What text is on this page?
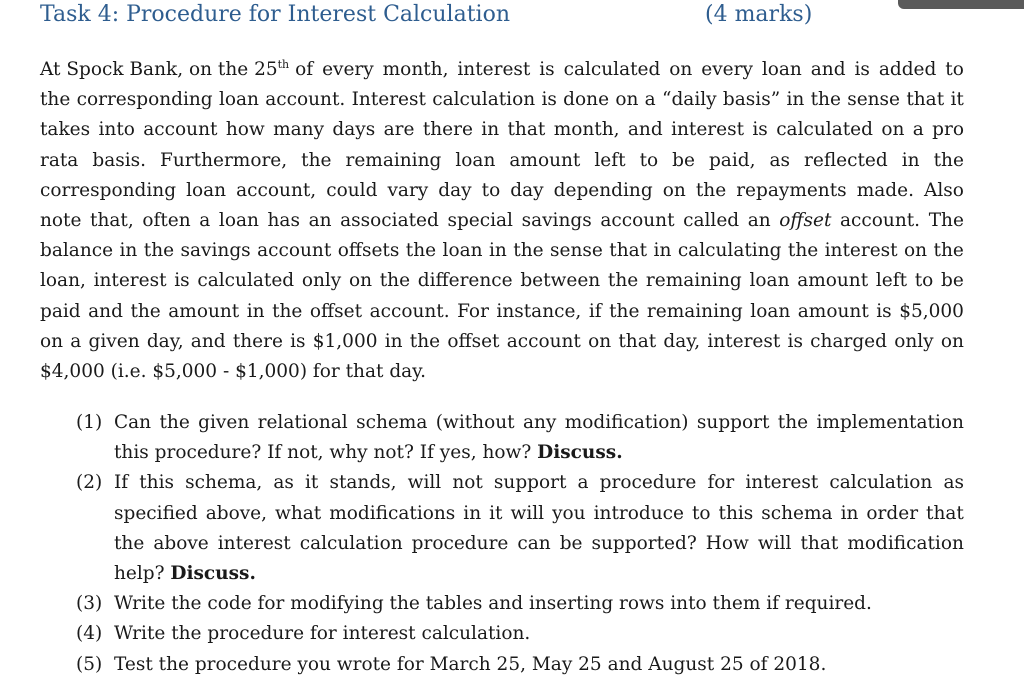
Task 4: Procedure for Interest Calculation	(4 marks)
At Spock Bank, on the 25th of every month, interest is calculated on every loan and is added to
the corresponding loan account. Interest calculation is done on a “daily basis” in the sense that it
takes into account how many days are there in that month, and interest is calculated on a pro
rata basis. Furthermore, the remaining loan amount left to be paid, as reflected in the
corresponding loan account, could vary day to day depending on the repayments made. Also
note that, often a loan has an associated special savings account called an offset account. The
balance in the savings account offsets the loan in the sense that in calculating the interest on the
loan, interest is calculated only on the difference between the remaining loan amount left to be
paid and the amount in the offset account. For instance, if the remaining loan amount is $5,000
on a given day, and there is $1,000 in the offset account on that day, interest is charged only on
$4,000 (i.e. $5,000 - $1,000) for that day.
(1) Can the given relational schema (without any modification) support the implementation
this procedure? If not, why not? If yes, how? Discuss.
(2) If this schema, as it stands, will not support a procedure for interest calculation as
specified above, what modifications in it will you introduce to this schema in order that
the above interest calculation procedure can be supported? How will that modification
help? Discuss.
(3) Write the code for modifying the tables and inserting rows into them if required.
(4) Write the procedure for interest calculation.
(5) Test the procedure you wrote for March 25, May 25 and August 25 of 2018.
